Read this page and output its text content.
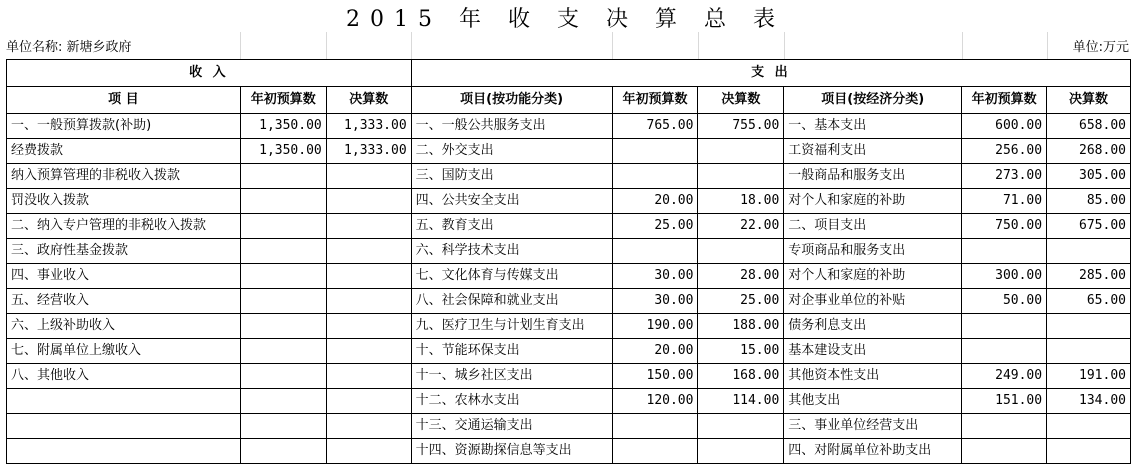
2015 年 收 支 决 算 总 表
单位名称: 新塘乡政府	单位:万元
收 入			支 出					
项 目	年初预算数	决算数	项目(按功能分类)	年初预算数	决算数	项目(按经济分类)	年初预算数	决算数
一、一般预算拨款(补助)	1,350.00	1,333.00	一、一般公共服务支出	765.00	755.00	一、基本支出	600.00	658.00
经费拨款	1,350.00	1,333.00	二、外交支出			工资福利支出	256.00	268.00
纳入预算管理的非税收入拨款			三、国防支出			一般商品和服务支出	273.00	305.00
罚没收入拨款			四、公共安全支出	20.00	18.00	对个人和家庭的补助	71.00	85.00
二、纳入专户管理的非税收入拨款			五、教育支出	25.00	22.00	二、项目支出	750.00	675.00
三、政府性基金拨款			六、科学技术支出			专项商品和服务支出		
四、事业收入			七、文化体育与传媒支出	30.00	28.00	对个人和家庭的补助	300.00	285.00
五、经营收入			八、社会保障和就业支出	30.00	25.00	对企事业单位的补贴	50.00	65.00
六、上级补助收入			九、医疗卫生与计划生育支出	190.00	188.00	债务利息支出		
七、附属单位上缴收入			十、节能环保支出	20.00	15.00	基本建设支出		
八、其他收入			十一、城乡社区支出	150.00	168.00	其他资本性支出	249.00	191.00
			十二、农林水支出	120.00	114.00	其他支出	151.00	134.00
			十三、交通运输支出			三、事业单位经营支出		
			十四、资源勘探信息等支出			四、对附属单位补助支出		
